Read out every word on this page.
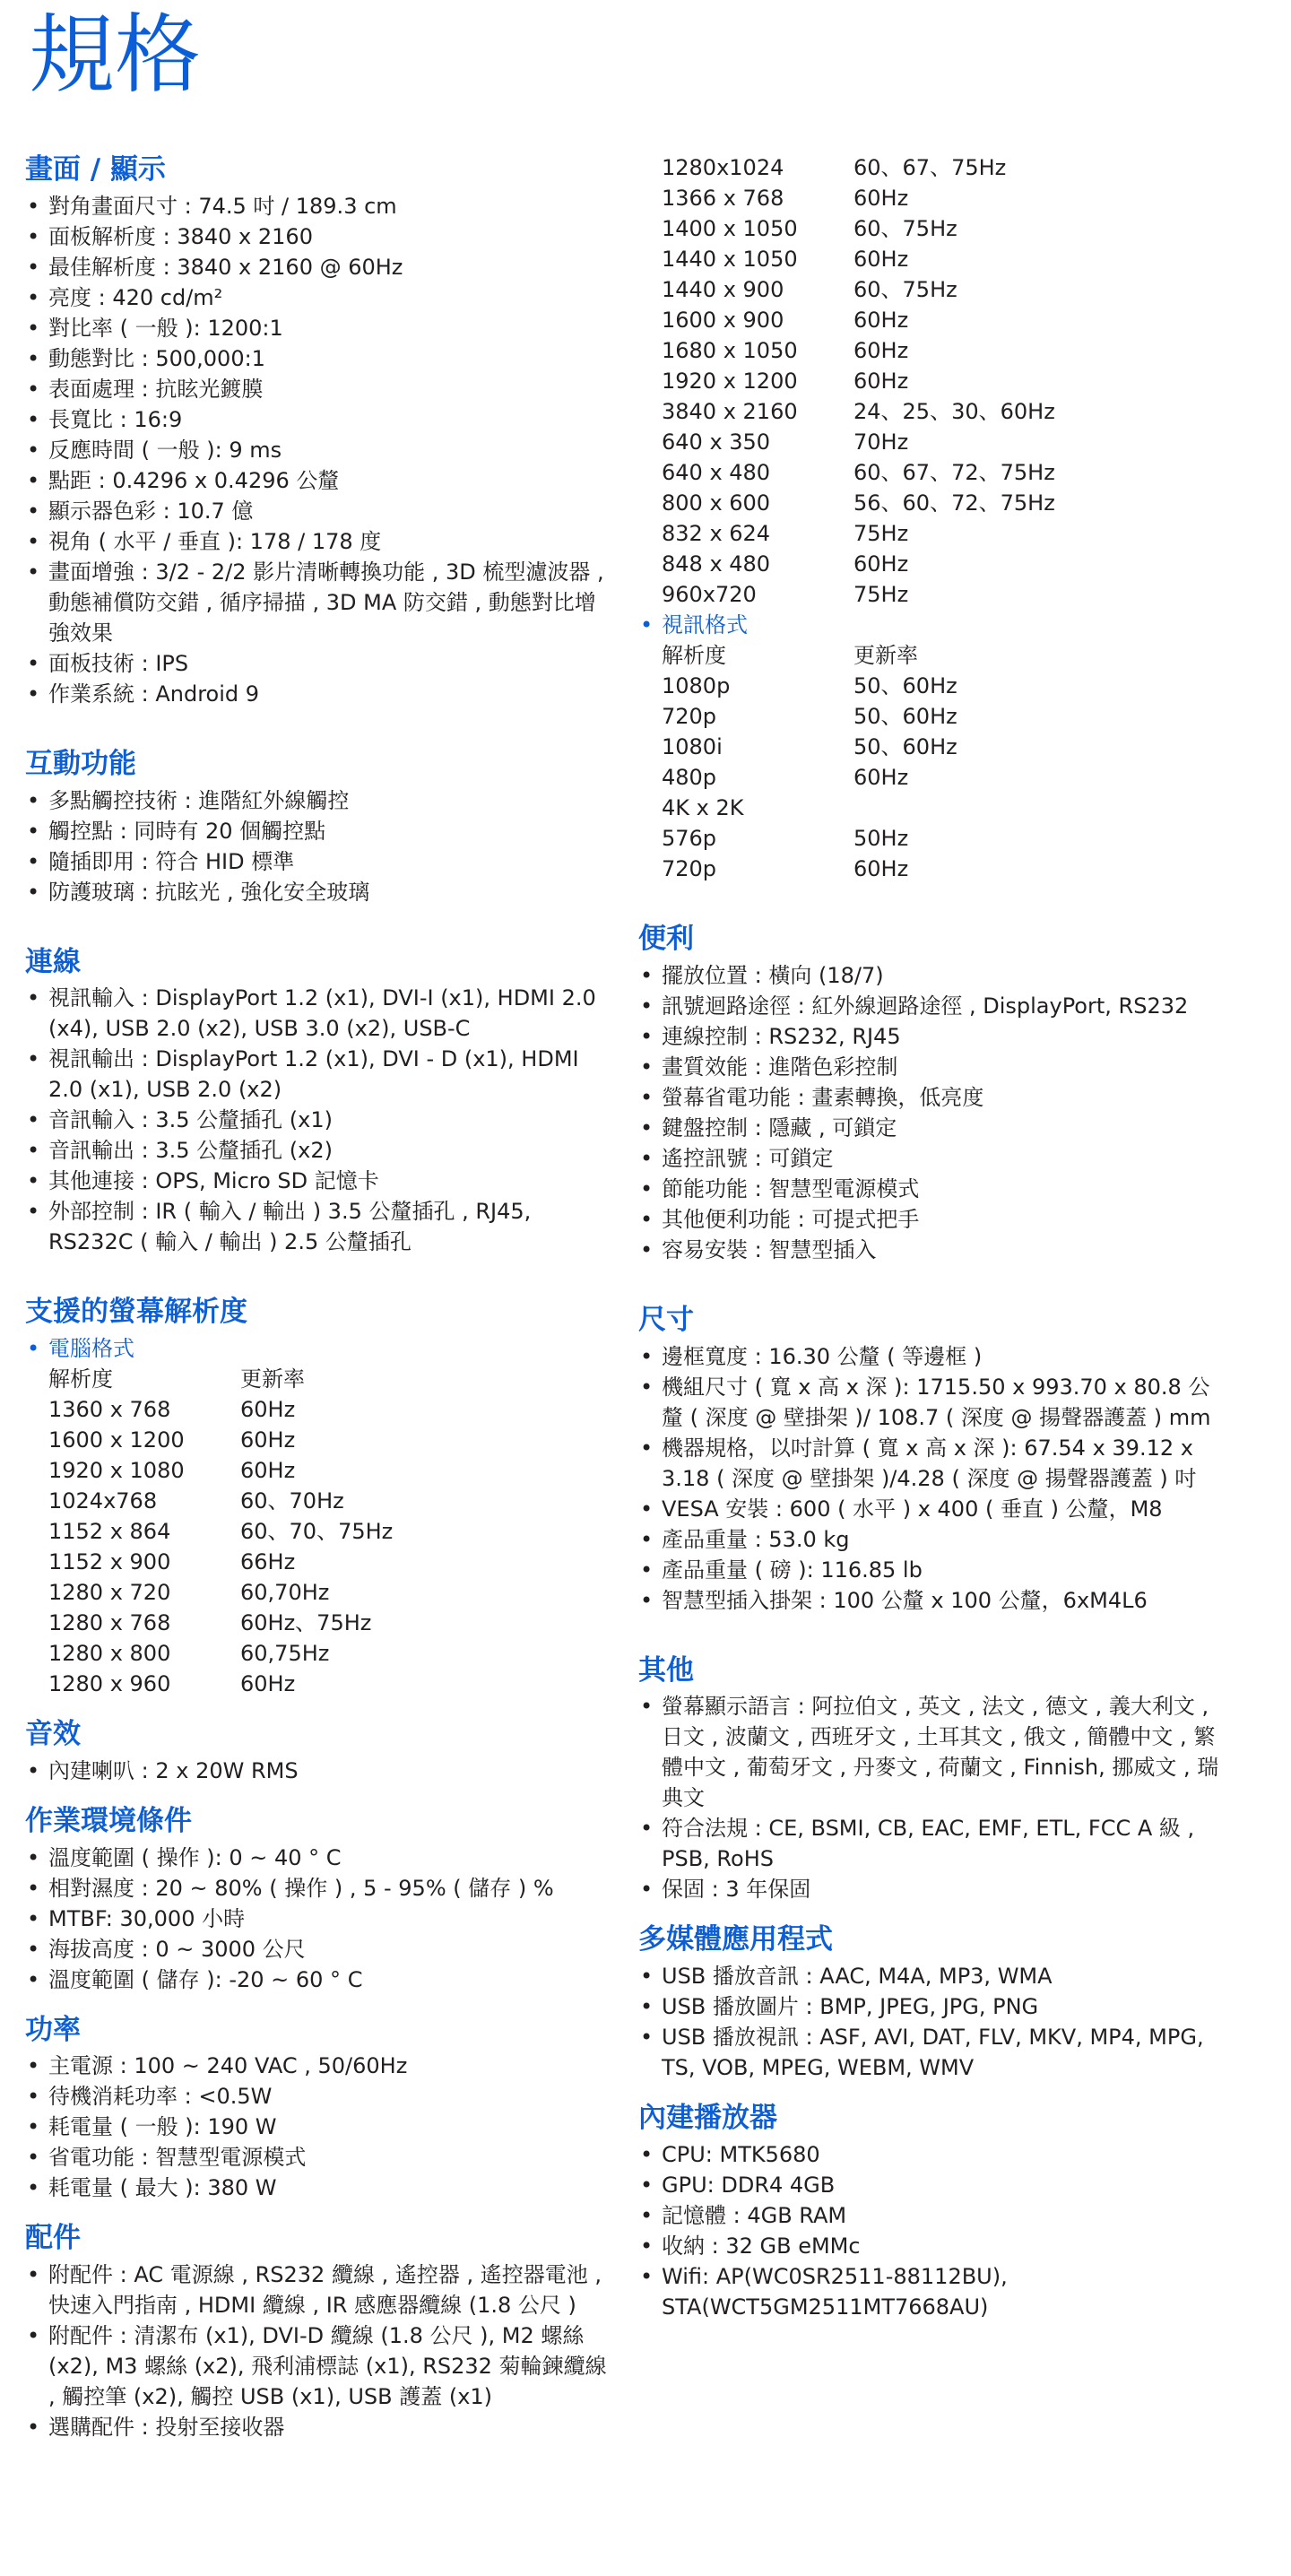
規格
畫面 / 顯示
• 對角畫面尺寸 : 74.5 吋 / 189.3 cm
• 面板解析度 : 3840 x 2160
• 最佳解析度 : 3840 x 2160 @ 60Hz
• 亮度 : 420 cd/m²
• 對比率 ( 一般 ): 1200:1
• 動態對比 : 500,000:1
• 表面處理 : 抗眩光鍍膜
• 長寬比 : 16:9
• 反應時間 ( 一般 ): 9 ms
• 點距 : 0.4296 x 0.4296 公釐
• 顯示器色彩 : 10.7 億
• 視角 ( 水平 / 垂直 ): 178 / 178 度
• 畫面增強 : 3/2 - 2/2 影片清晰轉換功能 , 3D 梳型濾波器 , 動態補償防交錯 , 循序掃描 , 3D MA 防交錯 , 動態對比增強效果
• 面板技術 : IPS
• 作業系統 : Android 9
互動功能
• 多點觸控技術 : 進階紅外線觸控
• 觸控點 : 同時有 20 個觸控點
• 隨插即用 : 符合 HID 標準
• 防護玻璃 : 抗眩光 , 強化安全玻璃
連線
• 視訊輸入 : DisplayPort 1.2 (x1), DVI-I (x1), HDMI 2.0 (x4), USB 2.0 (x2), USB 3.0 (x2), USB-C
• 視訊輸出 : DisplayPort 1.2 (x1), DVI - D (x1), HDMI 2.0 (x1), USB 2.0 (x2)
• 音訊輸入 : 3.5 公釐插孔 (x1)
• 音訊輸出 : 3.5 公釐插孔 (x2)
• 其他連接 : OPS, Micro SD 記憶卡
• 外部控制 : IR ( 輸入 / 輸出 ) 3.5 公釐插孔 , RJ45, RS232C ( 輸入 / 輸出 ) 2.5 公釐插孔
支援的螢幕解析度
• 電腦格式
解析度	更新率
1360 x 768	60Hz
1600 x 1200	60Hz
1920 x 1080	60Hz
1024x768	60、70Hz
1152 x 864	60、70、75Hz
1152 x 900	66Hz
1280 x 720	60,70Hz
1280 x 768	60Hz、75Hz
1280 x 800	60,75Hz
1280 x 960	60Hz
音效
• 內建喇叭 : 2 x 20W RMS
作業環境條件
• 溫度範圍 ( 操作 ): 0 ~ 40 ° C
• 相對濕度 : 20 ~ 80% ( 操作 ) , 5 - 95% ( 儲存 ) %
• MTBF: 30,000 小時
• 海拔高度 : 0 ~ 3000 公尺
• 溫度範圍 ( 儲存 ): -20 ~ 60 ° C
功率
• 主電源 : 100 ~ 240 VAC , 50/60Hz
• 待機消耗功率 : <0.5W
• 耗電量 ( 一般 ): 190 W
• 省電功能 : 智慧型電源模式
• 耗電量 ( 最大 ): 380 W
配件
• 附配件 : AC 電源線 , RS232 纜線 , 遙控器 , 遙控器電池 , 快速入門指南 , HDMI 纜線 , IR 感應器纜線 (1.8 公尺 )
• 附配件 : 清潔布 (x1), DVI-D 纜線 (1.8 公尺 ), M2 螺絲 (x2), M3 螺絲 (x2), 飛利浦標誌 (x1), RS232 菊輪鍊纜線 , 觸控筆 (x2), 觸控 USB (x1), USB 護蓋 (x1)
• 選購配件 : 投射至接收器
1280x1024	60、67、75Hz
1366 x 768	60Hz
1400 x 1050	60、75Hz
1440 x 1050	60Hz
1440 x 900	60、75Hz
1600 x 900	60Hz
1680 x 1050	60Hz
1920 x 1200	60Hz
3840 x 2160	24、25、30、60Hz
640 x 350	70Hz
640 x 480	60、67、72、75Hz
800 x 600	56、60、72、75Hz
832 x 624	75Hz
848 x 480	60Hz
960x720	75Hz
• 視訊格式
解析度	更新率
1080p	50、60Hz
720p	50、60Hz
1080i	50、60Hz
480p	60Hz
4K x 2K
576p	50Hz
720p	60Hz
便利
• 擺放位置 : 橫向 (18/7)
• 訊號迴路途徑 : 紅外線迴路途徑 , DisplayPort, RS232
• 連線控制 : RS232, RJ45
• 畫質效能 : 進階色彩控制
• 螢幕省電功能 : 畫素轉換，低亮度
• 鍵盤控制 : 隱藏 , 可鎖定
• 遙控訊號 : 可鎖定
• 節能功能 : 智慧型電源模式
• 其他便利功能 : 可提式把手
• 容易安裝 : 智慧型插入
尺寸
• 邊框寬度 : 16.30 公釐 ( 等邊框 )
• 機組尺寸 ( 寬 x 高 x 深 ): 1715.50 x 993.70 x 80.8 公釐 ( 深度 @ 壁掛架 )/ 108.7 ( 深度 @ 揚聲器護蓋 ) mm
• 機器規格，以吋計算 ( 寬 x 高 x 深 ): 67.54 x 39.12 x 3.18 ( 深度 @ 壁掛架 )/4.28 ( 深度 @ 揚聲器護蓋 ) 吋
• VESA 安裝 : 600 ( 水平 ) x 400 ( 垂直 ) 公釐，M8
• 產品重量 : 53.0 kg
• 產品重量 ( 磅 ): 116.85 lb
• 智慧型插入掛架 : 100 公釐 x 100 公釐，6xM4L6
其他
• 螢幕顯示語言 : 阿拉伯文 , 英文 , 法文 , 德文 , 義大利文 , 日文 , 波蘭文 , 西班牙文 , 土耳其文 , 俄文 , 簡體中文 , 繁體中文 , 葡萄牙文 , 丹麥文 , 荷蘭文 , Finnish, 挪威文 , 瑞典文
• 符合法規 : CE, BSMI, CB, EAC, EMF, ETL, FCC A 級 , PSB, RoHS
• 保固 : 3 年保固
多媒體應用程式
• USB 播放音訊 : AAC, M4A, MP3, WMA
• USB 播放圖片 : BMP, JPEG, JPG, PNG
• USB 播放視訊 : ASF, AVI, DAT, FLV, MKV, MP4, MPG, TS, VOB, MPEG, WEBM, WMV
內建播放器
• CPU: MTK5680
• GPU: DDR4 4GB
• 記憶體 : 4GB RAM
• 收納 : 32 GB eMMc
• Wifi: AP(WC0SR2511-88112BU), STA(WCT5GM2511MT7668AU)
